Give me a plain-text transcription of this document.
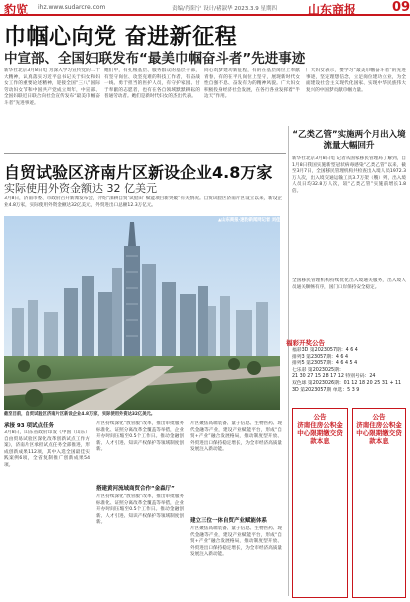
豹览 ihz.www.sudarcre.com	责编/肖阳宁 设计/褚淑华 2023.3.9 星期四	山东商报	09
巾帼心向党 奋进新征程
中宣部、全国妇联发布“最美巾帼奋斗者”先进事迹
新华社北京3月8日电 为深入学习宣传党的二十大精神，认真落实习近平总书记关于妇女和妇女工作的重要论述精神，迎接全国“三八”国际劳动妇女节和中国共产党成立周年，中宣部、全国妇联近日联合向社会宣传发布“最美巾帼奋斗者”先进事迹。
她们中，有扎根基层、服务群众的基层干部，有坚守岗位、攻坚克难的科技工作者，有奋战一线、勇于担当的医护人员，有守护家园、甘于奉献的志愿者，也有在各自领域默默耕耘的普通劳动者。她们是新时代妇女的杰出代表。
同心筑梦建功新征程，有的在基层岗位上奉献青春，有的在平凡岗位上坚守，展现新时代女性自强不息、奋发有为的精神风貌。广大妇女积极投身经济社会发展，在各行各业发挥着“半边天”作用。
广大妇女表示，要学习“最美巾帼奋斗者”的先进事迹，坚定理想信念，立足岗位建功立业，为全面建设社会主义现代化国家、实现中华民族伟大复兴的中国梦贡献巾帼力量。
自贸试验区济南片区新设企业4.8万家
实际使用外资金额达 32 亿美元
3月8日，济南市委、市政府召开新闻发布会，介绍“深耕自贸‘试验田’ 赋能项目新突破”有关情况。自贸试验区济南片区设立以来，新设企业4.8万家，实际使用外资金额达32亿美元，外贸进出口总额12.3万亿元。
▲山东商报·速豹新闻网记者 刘佳宁
截至目前，自贸试验区济南片区新设企业4.8万家，实际使用外资达32亿美元。
承接 93 项试点任务
3月8日，山东省政府印发《中国（山东）自由贸易试验区深化改革创新试点工作方案》，济南片区承担试点任务全部推进，形成创新成果112项，其中入选全国最佳实践案例6项，全省复制推广创新成果54项。
搭建黄河流域商贸合作“金森厅”
片区持续深化“放管服”改革，推出审批服务标准化、证照分离改革全覆盖等举措，企业开办时间压缩至0.5个工作日。推动金融创新、人才引进、知识产权保护等领域制度创新。
片区持续深化“放管服”改革，推出审批服务标准化、证照分离改革全覆盖等举措，企业开办时间压缩至0.5个工作日。推动金融创新、人才引进、知识产权保护等领域制度创新。	建立三位一体自贸产业赋能体系
片区聚焦高端装备、量子信息、生物医药、现代金融等产业，建设产业赋能平台，形成“自贸+产业”融合发展格局，推动制度型开放、外贸进出口保持稳定增长，为全市经济高质量发展注入新动能。
片区聚焦高端装备、量子信息、生物医药、现代金融等产业，建设产业赋能平台，形成“自贸+产业”融合发展格局，推动制度型开放、外贸进出口保持稳定增长，为全市经济高质量发展注入新动能。
“乙类乙管”实施两个月出入境流量大幅回升
新华社北京3月8日电 记者从国家移民管理局了解到，自1月8日我国实施新型冠状病毒感染“乙类乙管”以来，截至3月7日，全国移民管理机构共检查出入境人员1972.3万人次，出入境交通运输工具3.7万架（艘）列，出入境人员日均32.8万人次，较“乙类乙管”实施前增长1.8倍。
全国移民管理机构持续优化出入境通关服务，出入境人员通关顺畅有序，国门口岸保持安全稳定。
福彩开奖公告
福彩3D 第2023057期：4 6 4
排列3 第23057期：4 6 4
排列5 第23057期：4 6 4 5 4
七乐彩 第2023025期：
21 30 27 15 28 17 12 特别号码：24
双色球 第2023026期：01 12 18 20 25 31 + 11
3D 第2023057期 单选：5 3 9
公告
济南住房公积金中心限期缴交贷款本息
公告
济南住房公积金中心限期缴交贷款本息
